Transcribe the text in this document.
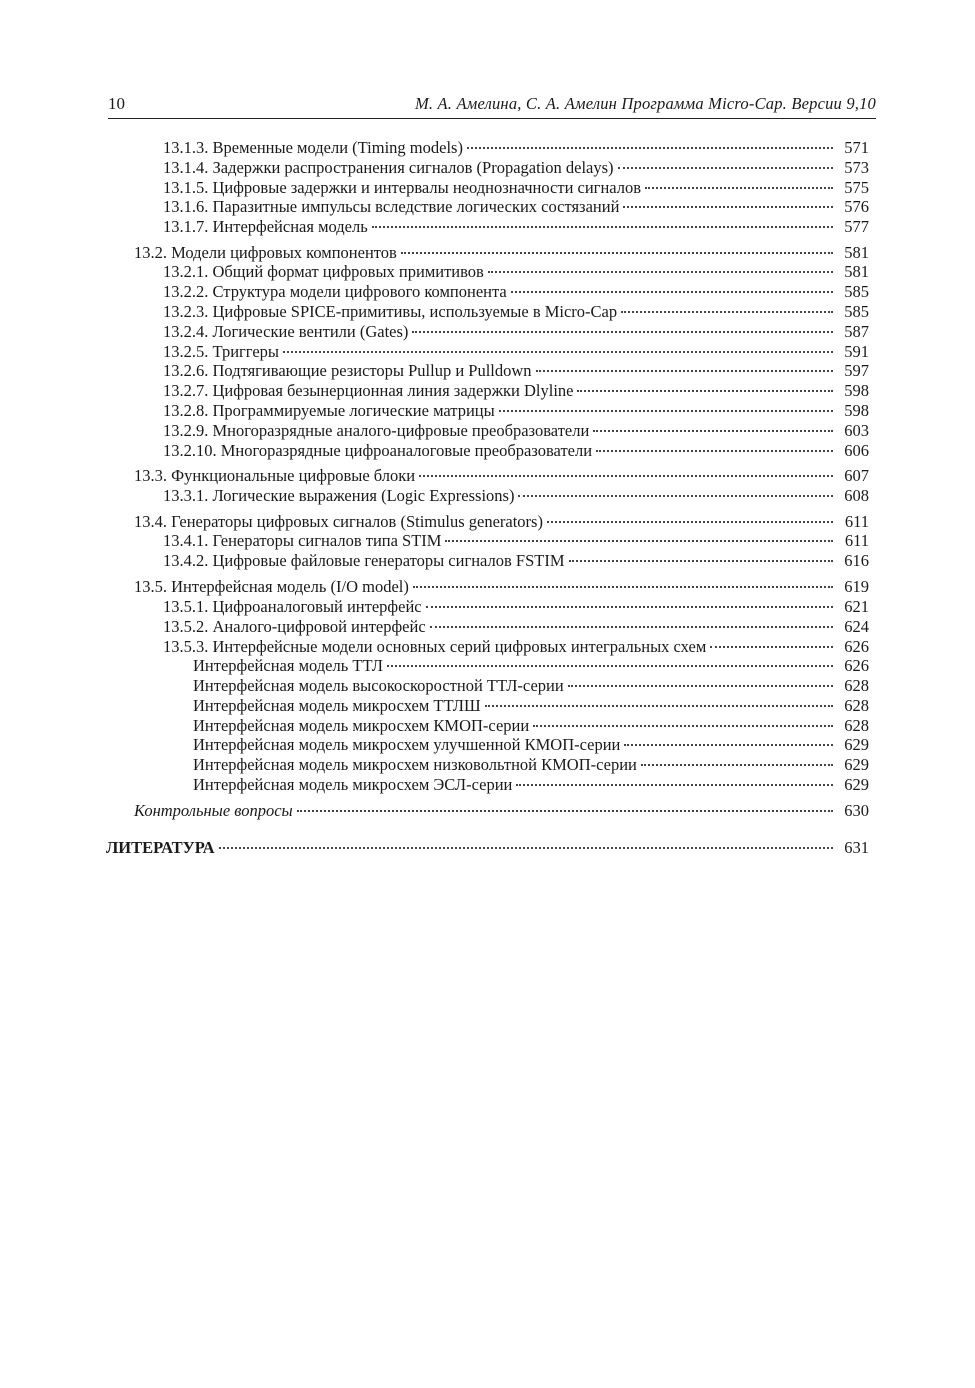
10	М. А. Амелина, С. А. Амелин Программа Micro-Cap. Версии 9,10
13.1.3. Временные модели (Timing models)	571
13.1.4. Задержки распространения сигналов (Propagation delays)	573
13.1.5. Цифровые задержки и интервалы неоднозначности сигналов	575
13.1.6. Паразитные импульсы вследствие логических состязаний	576
13.1.7. Интерфейсная модель	577
13.2. Модели цифровых компонентов	581
13.2.1. Общий формат цифровых примитивов	581
13.2.2. Структура модели цифрового компонента	585
13.2.3. Цифровые SPICE-примитивы, используемые в Micro-Cap	585
13.2.4. Логические вентили (Gates)	587
13.2.5. Триггеры	591
13.2.6. Подтягивающие резисторы Pullup и Pulldown	597
13.2.7. Цифровая безынерционная линия задержки Dlyline	598
13.2.8. Программируемые логические матрицы	598
13.2.9. Многоразрядные аналого-цифровые преобразователи	603
13.2.10. Многоразрядные цифроаналоговые преобразователи	606
13.3. Функциональные цифровые блоки	607
13.3.1. Логические выражения (Logic Expressions)	608
13.4. Генераторы цифровых сигналов (Stimulus generators)	611
13.4.1. Генераторы сигналов типа STIM	611
13.4.2. Цифровые файловые генераторы сигналов FSTIM	616
13.5. Интерфейсная модель (I/O model)	619
13.5.1. Цифроаналоговый интерфейс	621
13.5.2. Аналого-цифровой интерфейс	624
13.5.3. Интерфейсные модели основных серий цифровых интегральных схем	626
Интерфейсная модель ТТЛ	626
Интерфейсная модель высокоскоростной ТТЛ-серии	628
Интерфейсная модель микросхем ТТЛШ	628
Интерфейсная модель микросхем КМОП-серии	628
Интерфейсная модель микросхем улучшенной КМОП-серии	629
Интерфейсная модель микросхем низковольтной КМОП-серии	629
Интерфейсная модель микросхем ЭСЛ-серии	629
Контрольные вопросы	630
ЛИТЕРАТУРА	631
